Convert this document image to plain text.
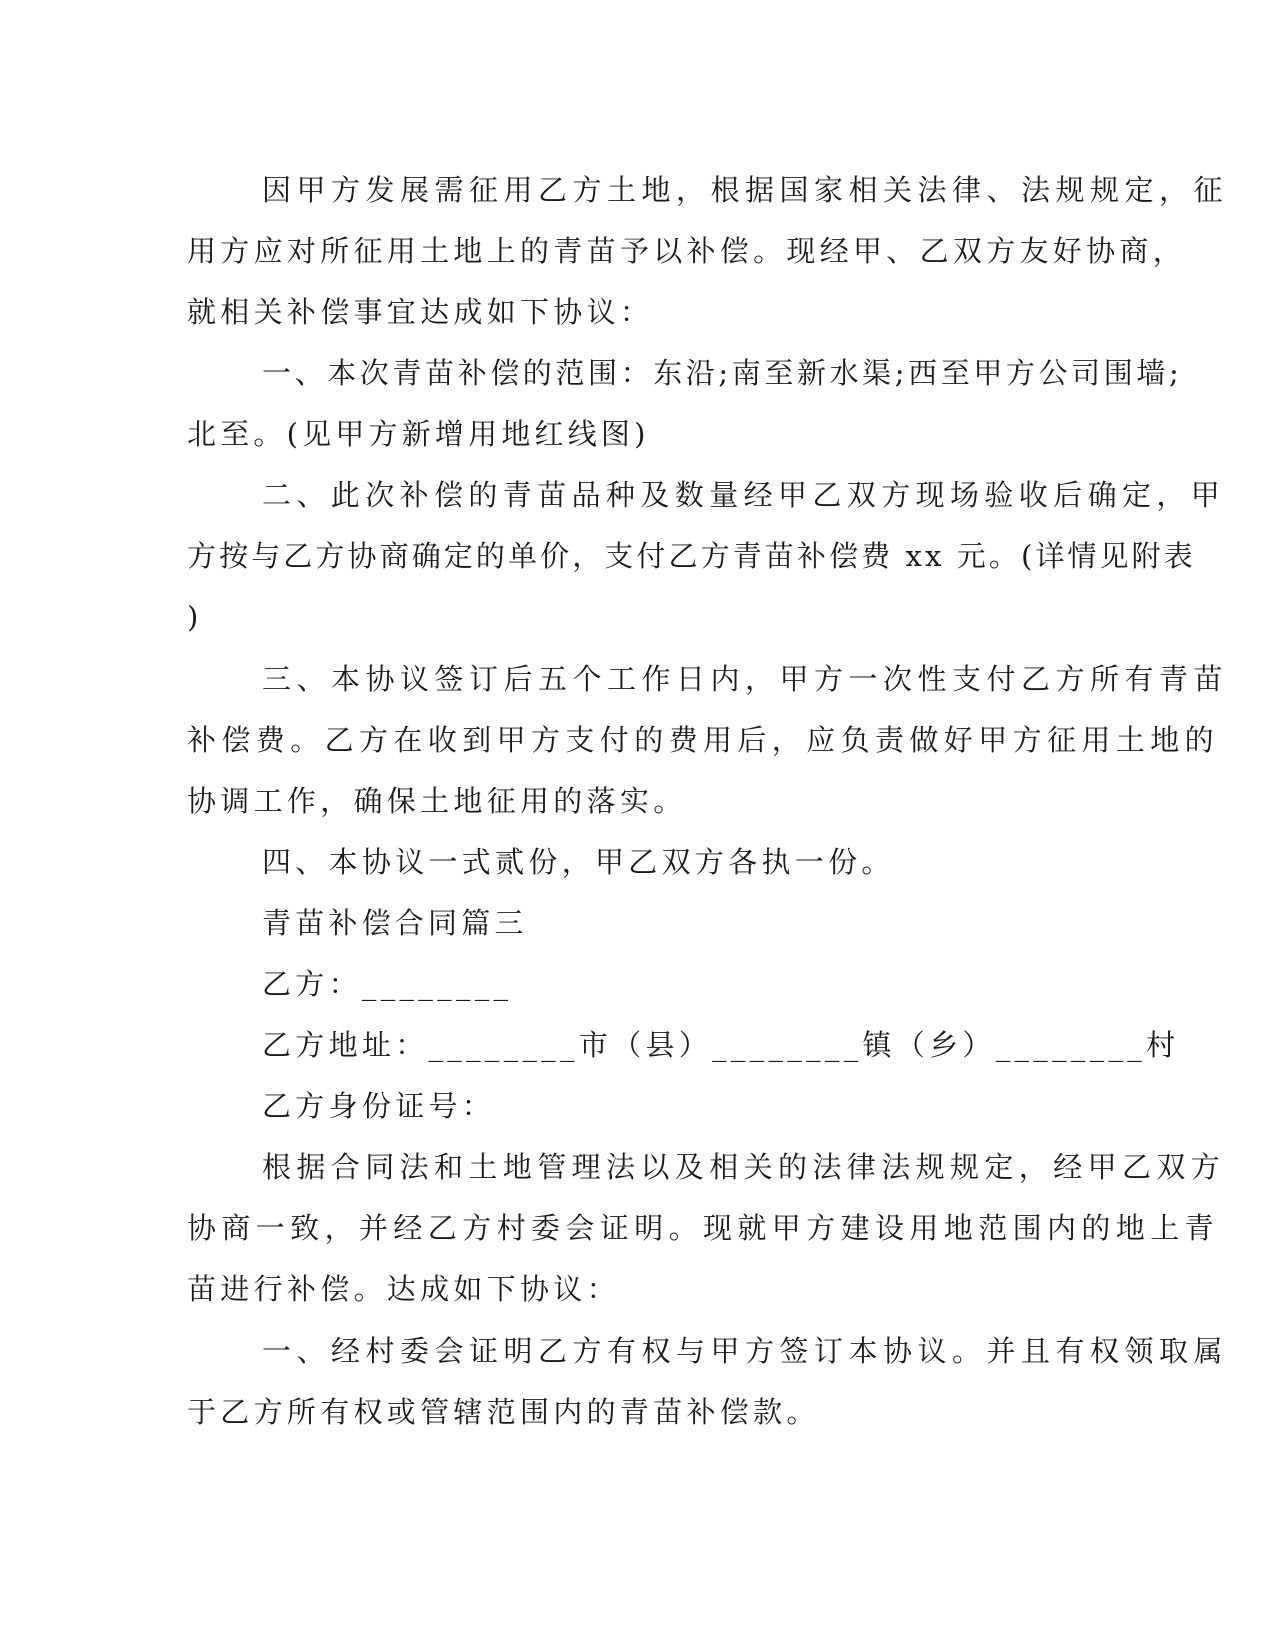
因甲方发展需征用乙方土地，根据国家相关法律、法规规定，征
用方应对所征用土地上的青苗予以补偿。现经甲、乙双方友好协商，
就相关补偿事宜达成如下协议：
一、本次青苗补偿的范围：东沿;南至新水渠;西至甲方公司围墙;
北至。(见甲方新增用地红线图)
二、此次补偿的青苗品种及数量经甲乙双方现场验收后确定，甲
方按与乙方协商确定的单价，支付乙方青苗补偿费 xx 元。(详情见附表
)
三、本协议签订后五个工作日内，甲方一次性支付乙方所有青苗
补偿费。乙方在收到甲方支付的费用后，应负责做好甲方征用土地的
协调工作，确保土地征用的落实。
四、本协议一式贰份，甲乙双方各执一份。
青苗补偿合同篇三
乙方：________
乙方地址：________市（县）________镇（乡）________村
乙方身份证号：
根据合同法和土地管理法以及相关的法律法规规定，经甲乙双方
协商一致，并经乙方村委会证明。现就甲方建设用地范围内的地上青
苗进行补偿。达成如下协议：
一、经村委会证明乙方有权与甲方签订本协议。并且有权领取属
于乙方所有权或管辖范围内的青苗补偿款。
